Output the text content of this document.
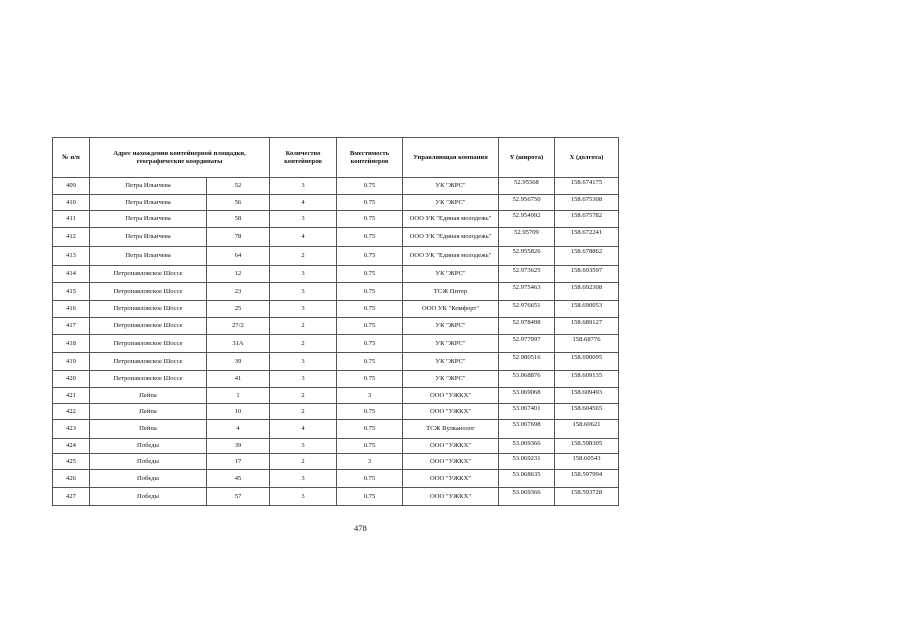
№ п/п	Адрес нахождения контейнерной площадки, географические координаты		Количество контейнеров	Вместимость контейнеров	Управляющая компания	Y (широта)	X (долгота)
409	Петра Ильичева	52	3	0.75	УК "ЖРС"	52.95568	158.674175
410	Петра Ильичева	56	4	0.75	УК "ЖРС"	52.956750	158.675308
411	Петра Ильичева	58	3	0.75	ООО УК "Единая молодежь"	52.954992	158.675782
412	Петра Ильичева	78	4	0.75	ООО УК "Единая молодежь"	52.95709	158.672241
413	Петра Ильичева	64	2	0.75	ООО УК "Единая молодежь"	52.955826	158.678862
414	Петропавловское Шоссе	12	3	0.75	УК "ЖРС"	52.973625	158.693597
415	Петропавловское Шоссе	23	3	0.75	ТСЖ Питер	52.975463	158.692308
416	Петропавловское Шоссе	25	3	0.75	ООО УК "Комфорт"	52.976651	158.690053
417	Петропавловское Шоссе	27/2	2	0.75	УК "ЖРС"	52.978498	158.689127
418	Петропавловское Шоссе	31А	2	0.75	УК "ЖРС"	52.977997	158.68776
419	Петропавловское Шоссе	39	3	0.75	УК "ЖРС"	52.980516	158.690095
420	Петропавловское Шоссе	41	3	0.75	УК "ЖРС"	53.068876	158.609135
421	Пейпа	1	2	3	ООО "УЖКХ"	53.069068	158.609493
422	Пейпа	10	2	0.75	ООО "УЖКХ"	53.067401	158.604565
423	Пейпа	4	4	0.75	ТСЖ Вулканолог	53.067698	158.60621
424	Победы	39	3	0.75	ООО "УЖКХ"	53.069366	158.598305
425	Победы	17	2	3	ООО "УЖКХ"	53.069231	158.60543
426	Победы	45	3	0.75	ООО "УЖКХ"	53.068635	158.597994
427	Победы	57	3	0.75	ООО "УЖКХ"	53.069366	158.593728
478
